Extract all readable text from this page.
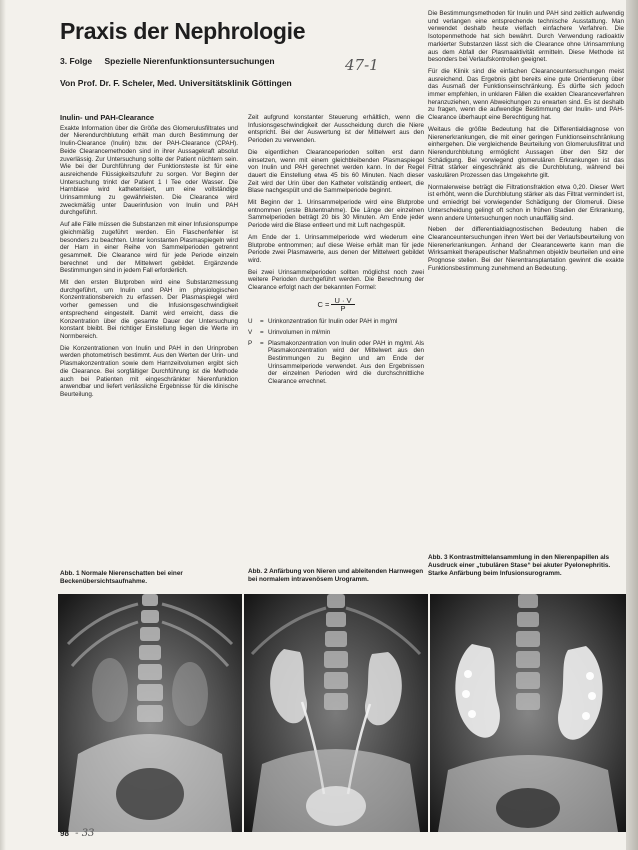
Praxis der Nephrologie
3. Folge Spezielle Nierenfunktionsuntersuchungen	47-1
Von Prof. Dr. F. Scheler, Med. Universitätsklinik Göttingen
Inulin- und PAH-Clearance

Exakte Information über die Größe des Glomerulusfiltrates und der Nierendurchblutung erhält man durch Bestimmung der Inulin-Clearance (Inulin) bzw. der PAH-Clearance (CPAH). Beide Clearancemethoden sind in ihrer Aussagekraft absolut zuverlässig. Zur Untersuchung sollte der Patient nüchtern sein. Wie bei der Durchführung der Funktionsteste ist für eine ausreichende Flüssigkeitszufuhr zu sorgen. Vor Beginn der Untersuchung trinkt der Patient 1 l Tee oder Wasser. Die Harnblase wird katheterisiert, um eine vollständige Urinsammlung zu gewährleisten. Die Clearance wird zweckmäßig unter Dauerinfusion von Inulin und PAH durchgeführt.

Auf alle Fälle müssen die Substanzen mit einer Infusionspumpe gleichmäßig zugeführt werden. Ein Flaschenfehler ist besonders zu beachten. Unter konstanten Plasmaspiegeln wird der Harn in einer Reihe von Sammelperioden getrennt gesammelt. Die Clearance wird für jede Periode einzeln berechnet und der Mittelwert gebildet. Ergänzende Bestimmungen sind in jedem Fall erforderlich.

Mit den ersten Blutproben wird eine Substanzmessung durchgeführt, um Inulin und PAH im physiologischen Konzentrationsbereich zu erfassen. Der Plasmaspiegel wird vorher gemessen und die Infusionsgeschwindigkeit entsprechend eingestellt. Damit wird erreicht, dass die Konzentration über die gesamte Dauer der Untersuchung konstant bleibt. Bei richtiger Einstellung liegen die Werte im Normbereich.

Die Konzentrationen von Inulin und PAH in den Urinproben werden photometrisch bestimmt. Aus den Werten der Urin- und Plasmakonzentration sowie dem Harnzeitvolumen ergibt sich die Clearance. Bei sorgfältiger Durchführung ist die Methode auch bei Patienten mit eingeschränkter Nierenfunktion anwendbar und liefert verlässliche Ergebnisse für die klinische Beurteilung.

Zeit aufgrund konstanter Steuerung erhältlich, wenn die Infusionsgeschwindigkeit der Ausscheidung durch die Niere entspricht. Bei der Auswertung ist der Mittelwert aus den Perioden zu verwenden.

Die eigentlichen Clearanceperioden sollten erst dann einsetzen, wenn mit einem gleichbleibenden Plasmaspiegel von Inulin und PAH gerechnet werden kann. In der Regel dauert die Einstellung etwa 45 bis 60 Minuten. Nach dieser Zeit wird der Urin über den Katheter vollständig entleert, die Blase nachgespült und die Sammelperiode beginnt.

Mit Beginn der 1. Urinsammelperiode wird eine Blutprobe entnommen (erste Blutentnahme). Die Länge der einzelnen Sammelperioden beträgt 20 bis 30 Minuten. Am Ende jeder Periode wird die Blase entleert und mit Luft nachgespült.

Am Ende der 1. Urinsammelperiode wird wiederum eine Blutprobe entnommen; auf diese Weise erhält man für jede Periode zwei Plasmawerte, aus denen der Mittelwert gebildet wird.

Bei zwei Urinsammelperioden sollten möglichst noch zwei weitere Perioden durchgeführt werden. Die Berechnung der Clearance erfolgt nach der bekannten Formel:

$C = \frac{U \cdot V}{P}$
U	= Urinkonzentration für Inulin oder PAH in mg/ml
V	= Urinvolumen in ml/min
P	= Plasmakonzentration von Inulin oder PAH in mg/ml. Als Plasmakonzentration wird der Mittelwert aus den Bestimmungen zu Beginn und am Ende der Urinsammelperiode verwendet. Aus den Ergebnissen der einzelnen Perioden wird die durchschnittliche Clearance errechnet.

Die Bestimmungsmethoden für Inulin und PAH sind zeitlich aufwendig und verlangen eine entsprechende technische Ausstattung. Man verwendet deshalb heute vielfach einfachere Verfahren. Die Isotopenmethode hat sich bewährt. Durch Verwendung radioaktiv markierter Substanzen lässt sich die Clearance ohne Urinsammlung aus dem Abfall der Plasmaaktivität ermitteln. Diese Methode ist besonders bei Verlaufskontrollen geeignet.

Für die Klinik sind die einfachen Clearanceuntersuchungen meist ausreichend. Das Ergebnis gibt bereits eine gute Orientierung über das Ausmaß der Funktionseinschränkung. Es dürfte sich jedoch immer empfehlen, in unklaren Fällen die exakten Clearanceverfahren heranzuziehen, wenn Abweichungen zu erwarten sind. Es ist deshalb zu fragen, wenn die aufwendige Bestimmung der Inulin- und PAH-Clearance überhaupt eine Berechtigung hat.

Weitaus die größte Bedeutung hat die Differentialdiagnose von Nierenerkrankungen, die mit einer geringen Funktionseinschränkung einhergehen. Die vergleichende Beurteilung von Glomerulusfiltrat und Nierendurchblutung ermöglicht Aussagen über den Sitz der Schädigung. Bei vorwiegend glomerulären Erkrankungen ist das Filtrat stärker eingeschränkt als die Durchblutung, während bei vaskulären Prozessen das Umgekehrte gilt.

Normalerweise beträgt die Filtrationsfraktion etwa 0,20. Dieser Wert ist erhöht, wenn die Durchblutung stärker als das Filtrat vermindert ist, und erniedrigt bei vorwiegender Schädigung der Glomeruli. Diese Unterscheidung gelingt oft schon in frühen Stadien der Erkrankung, wenn andere Untersuchungen noch unauffällig sind.

Neben der differentialdiagnostischen Bedeutung haben die Clearanceuntersuchungen ihren Wert bei der Verlaufsbeurteilung von Nierenerkrankungen. Anhand der Clearancewerte kann man die Wirksamkeit therapeutischer Maßnahmen objektiv beurteilen und eine Prognose stellen. Bei der Nierentransplantation gewinnt die exakte Funktionsbestimmung zunehmend an Bedeutung.

Abb. 1 Normale Nierenschatten bei einer Beckenübersichtsaufnahme.
Abb. 2 Anfärbung von Nieren und ableitenden Harnwegen bei normalem intravenösem Urogramm.
Abb. 3 Kontrastmittelansammlung in den Nierenpapillen als Ausdruck einer „tubulären Stase“ bei akuter Pyelonephritis. Starke Anfärbung beim Infusionsurogramm.
98 - 33
